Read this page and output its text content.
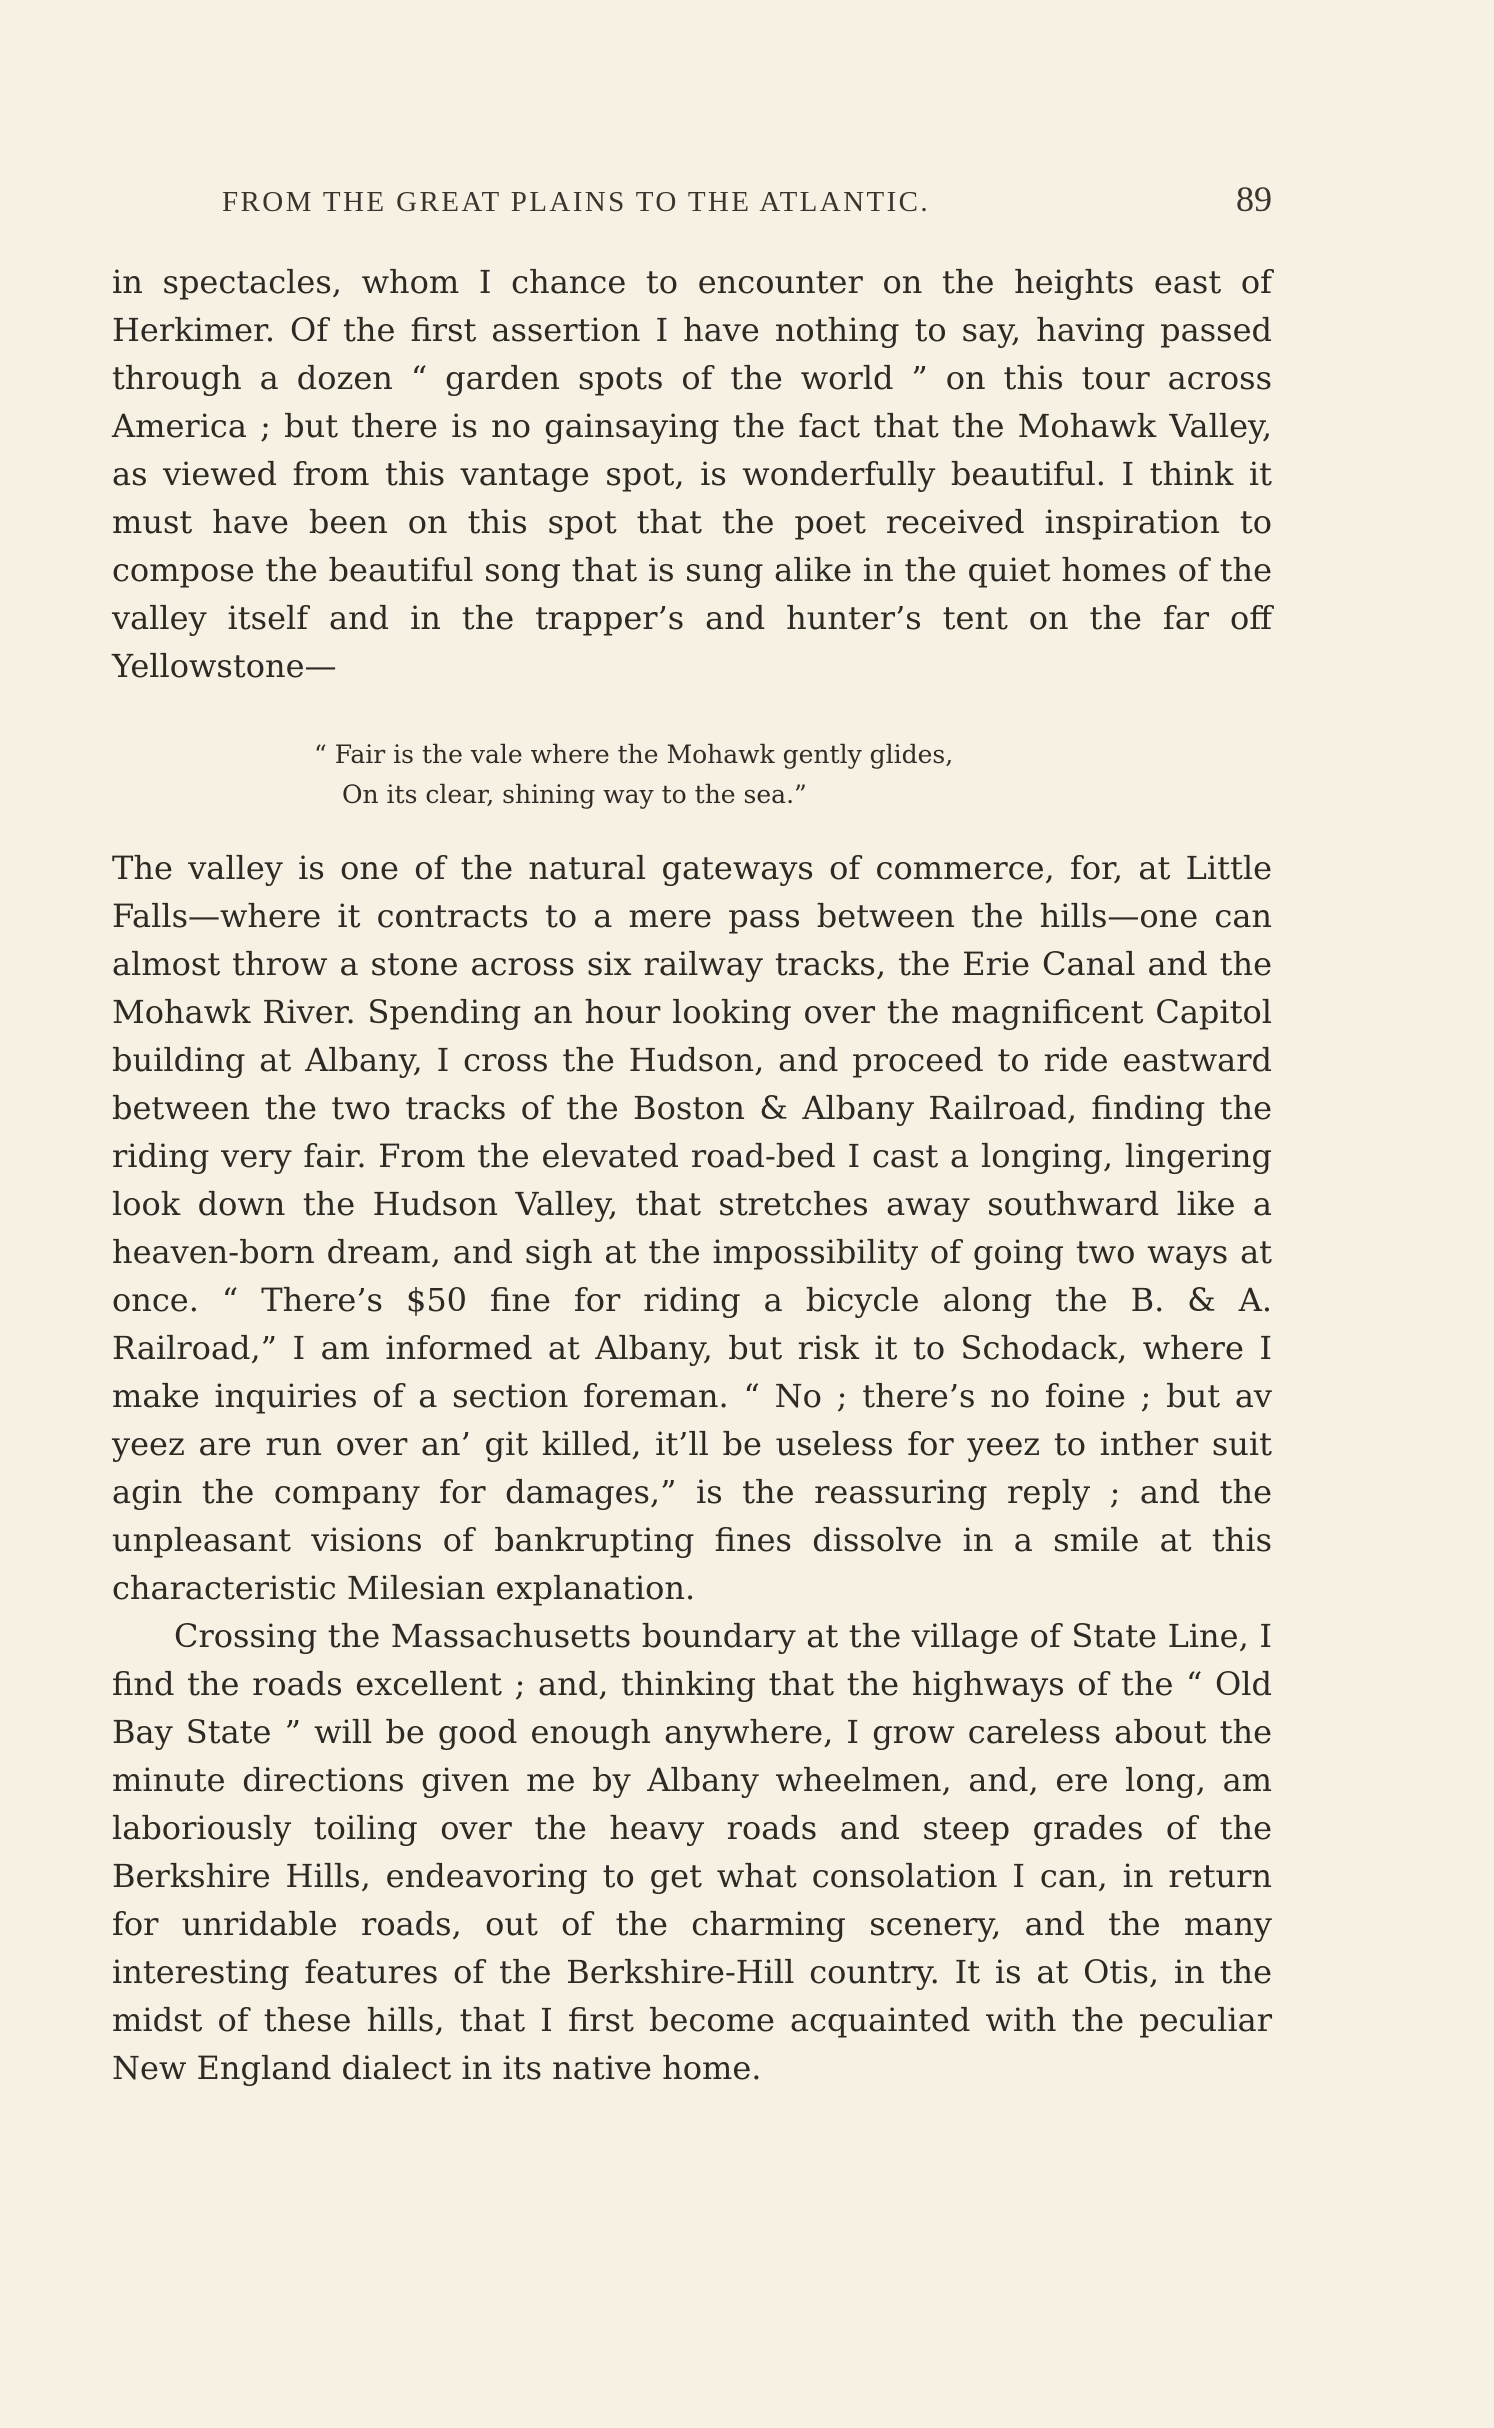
FROM THE GREAT PLAINS TO THE ATLANTIC.	89

in spectacles, whom I chance to encounter on the heights east of Herkimer. Of the first assertion I have nothing to say, having passed through a dozen “ garden spots of the world ” on this tour across America ; but there is no gainsaying the fact that the Mohawk Valley, as viewed from this vantage spot, is wonderfully beautiful. I think it must have been on this spot that the poet received inspiration to compose the beautiful song that is sung alike in the quiet homes of the valley itself and in the trapper’s and hunter’s tent on the far off Yellowstone—

“ Fair is the vale where the Mohawk gently glides,
On its clear, shining way to the sea.”

The valley is one of the natural gateways of commerce, for, at Little Falls—where it contracts to a mere pass between the hills—one can almost throw a stone across six railway tracks, the Erie Canal and the Mohawk River. Spending an hour looking over the magnificent Capitol building at Albany, I cross the Hudson, and proceed to ride eastward between the two tracks of the Boston & Albany Railroad, finding the riding very fair. From the elevated road-bed I cast a longing, lingering look down the Hudson Valley, that stretches away southward like a heaven-born dream, and sigh at the impossibility of going two ways at once. “ There’s $50 fine for riding a bicycle along the B. & A. Railroad,” I am informed at Albany, but risk it to Schodack, where I make inquiries of a section foreman. “ No ; there’s no foine ; but av yeez are run over an’ git killed, it’ll be useless for yeez to inther suit agin the company for damages,” is the reassuring reply ; and the unpleasant visions of bankrupting fines dissolve in a smile at this characteristic Milesian explanation.

Crossing the Massachusetts boundary at the village of State Line, I find the roads excellent ; and, thinking that the highways of the “ Old Bay State ” will be good enough anywhere, I grow careless about the minute directions given me by Albany wheelmen, and, ere long, am laboriously toiling over the heavy roads and steep grades of the Berkshire Hills, endeavoring to get what consolation I can, in return for unridable roads, out of the charming scenery, and the many interesting features of the Berkshire-Hill country. It is at Otis, in the midst of these hills, that I first become acquainted with the peculiar New England dialect in its native home.
